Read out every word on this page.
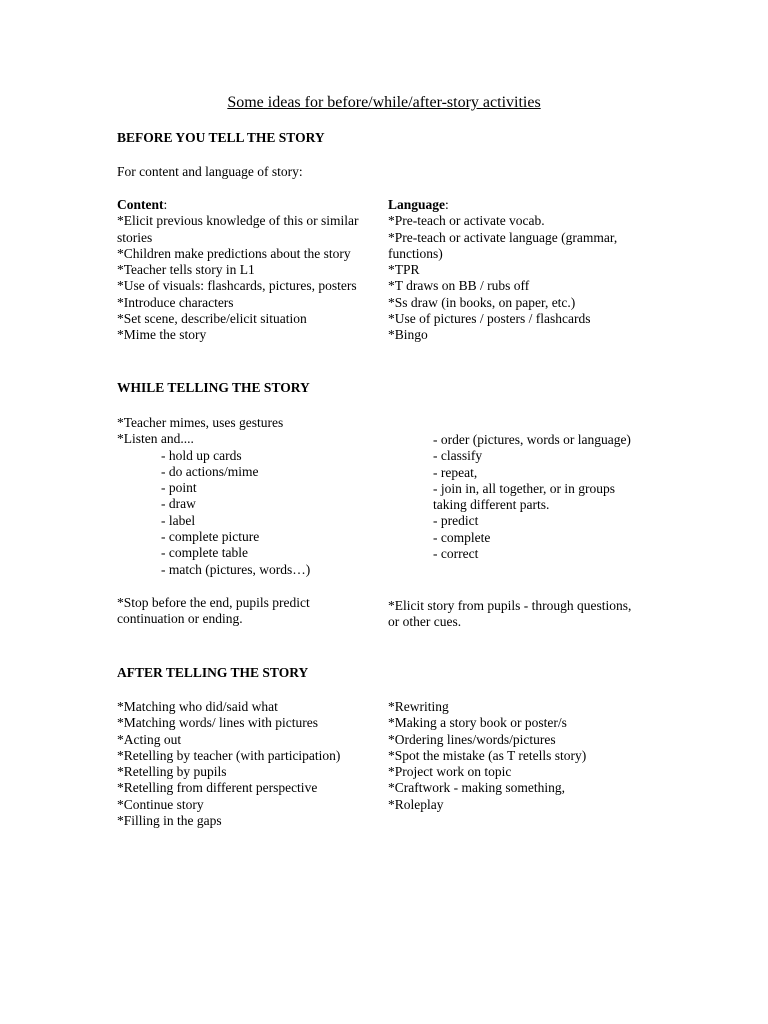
Some ideas for before/while/after-story activities
BEFORE YOU TELL THE STORY
For content and language of story:
Content:
*Elicit previous knowledge of this or similar
stories
*Children make predictions about the story
*Teacher tells story in L1
*Use of visuals: flashcards, pictures, posters
*Introduce characters
*Set scene, describe/elicit situation
*Mime the story
Language:
*Pre-teach or activate vocab.
*Pre-teach or activate language (grammar,
functions)
*TPR
*T draws on BB / rubs off
*Ss draw (in books, on paper, etc.)
*Use of pictures / posters / flashcards
*Bingo
WHILE TELLING THE STORY
*Teacher mimes, uses gestures
*Listen and....
- hold up cards
- do actions/mime
- point
- draw
- label
- complete picture
- complete table
- match (pictures, words…)
- order (pictures, words or language)
- classify
- repeat,
- join in, all together, or in groups
taking different parts.
- predict
- complete
- correct
*Stop before the end, pupils predict
continuation or ending.
*Elicit story from pupils - through questions,
or other cues.
AFTER TELLING THE STORY
*Matching who did/said what
*Matching words/ lines with pictures
*Acting out
*Retelling by teacher (with participation)
*Retelling by pupils
*Retelling from different perspective
*Continue story
*Filling in the gaps
*Rewriting
*Making a story book or poster/s
*Ordering lines/words/pictures
*Spot the mistake (as T retells story)
*Project work on topic
*Craftwork - making something,
*Roleplay
